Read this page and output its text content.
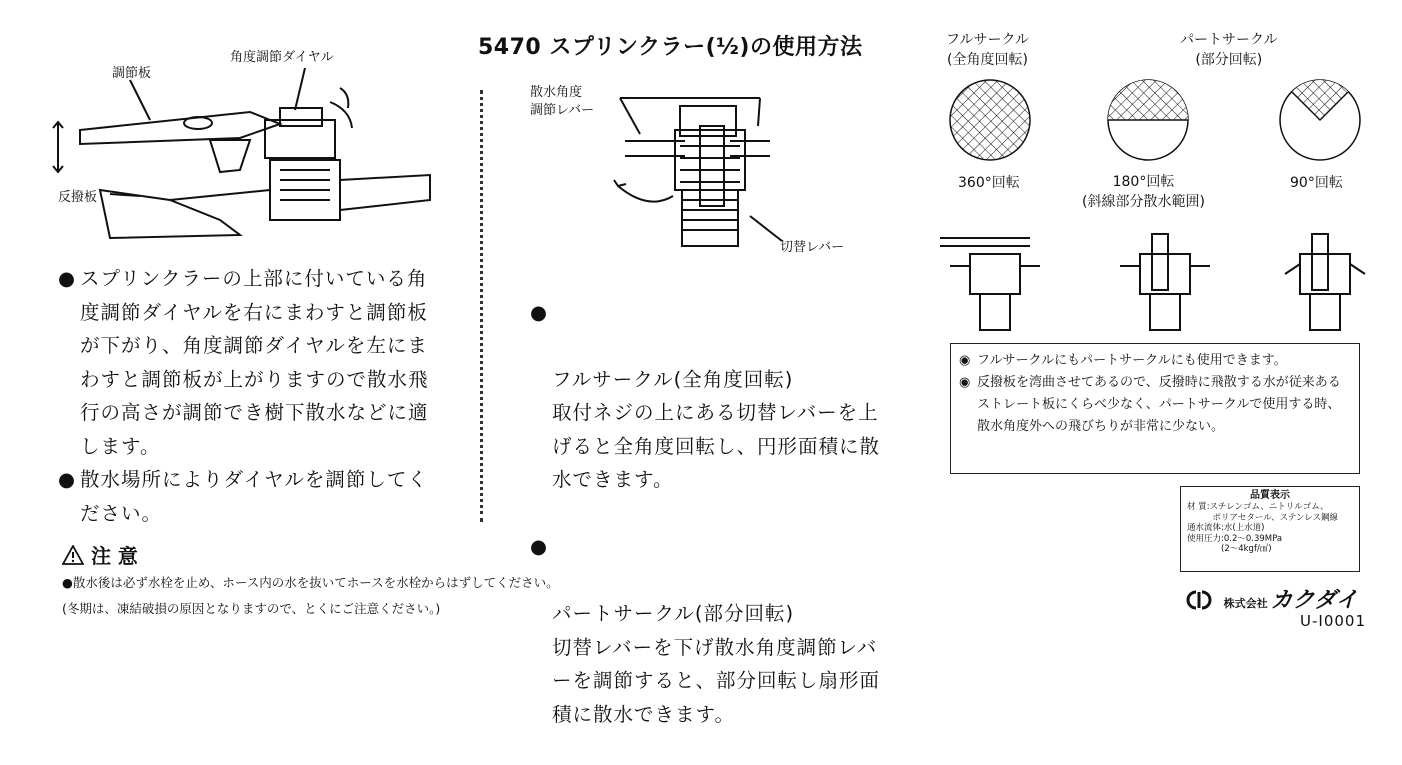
5470 スプリンクラー(½)の使用方法
調節板
角度調節ダイヤル
反撥板
● スプリンクラーの上部に付いている角度調節ダイヤルを右にまわすと調節板が下がり、角度調節ダイヤルを左にまわすと調節板が上がりますので散水飛行の高さが調節でき樹下散水などに適します。
● 散水場所によりダイヤルを調節してください。
散水角度
調節レバー
切替レバー

●

フルサークル(全角度回転)
取付ネジの上にある切替レバーを上げると全角度回転し、円形面積に散水できます。

●

パートサークル(部分回転)
切替レバーを下げ散水角度調節レバーを調節すると、部分回転し扇形面積に散水できます。

フルサークル
(全角度回転)
パートサークル
(部分回転)
360°回転	180°回転
(斜線部分散水範囲)
90°回転
◉ フルサークルにもパートサークルにも使用できます。
◉ 反撥板を湾曲させてあるので、反撥時に飛散する水が従来あるストレート板にくらべ少なく、パートサークルで使用する時、散水角度外への飛びちりが非常に少ない。
品質表示
材 質:スチレンゴム、ニトリルゴム、
　　　ポリアセタール、ステンレス鋼線
通水流体:水(上水道)
使用圧力:0.2〜0.39MPa
　　　　(2〜4kgf/㎠)
注 意
●散水後は必ず水栓を止め、ホース内の水を抜いてホースを水栓からはずしてください。
(冬期は、凍結破損の原因となりますので、とくにご注意ください。)	株式会社 カクダイ
U-I0001
